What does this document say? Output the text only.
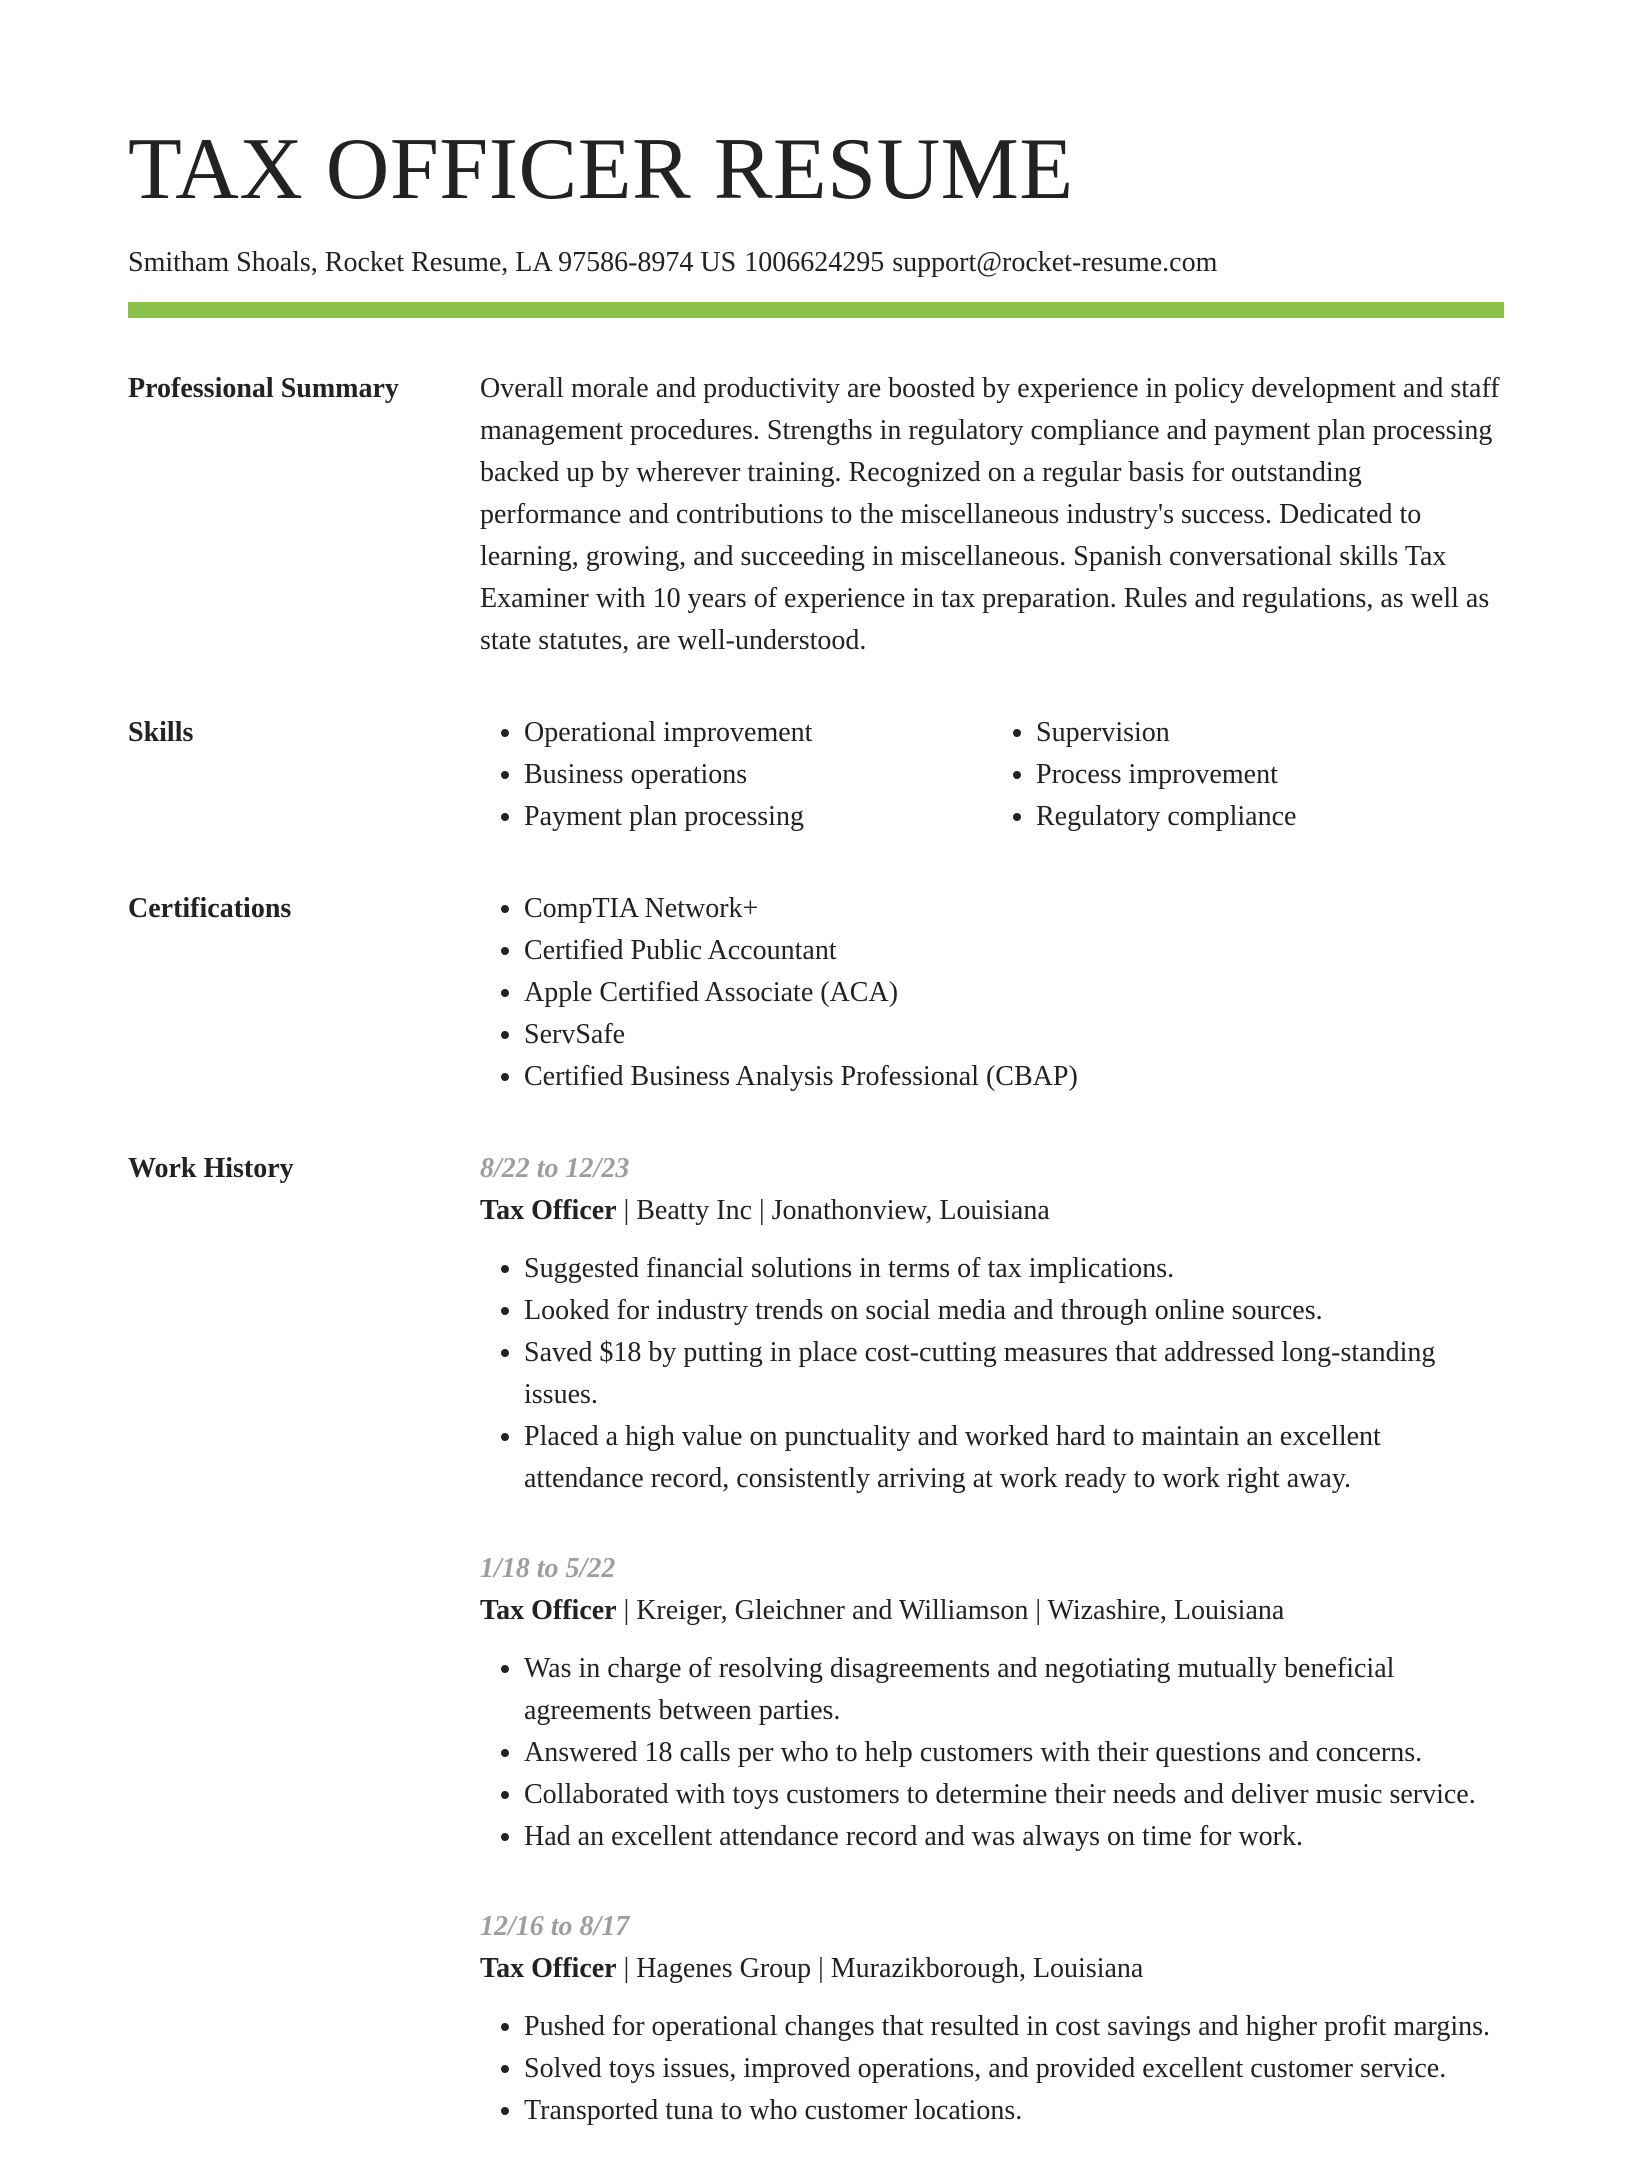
TAX OFFICER RESUME
Smitham Shoals, Rocket Resume, LA 97586-8974 US 1006624295 support@rocket-resume.com
Professional Summary	Overall morale and productivity are boosted by experience in policy development and staff management procedures. Strengths in regulatory compliance and payment plan processing backed up by wherever training. Recognized on a regular basis for outstanding performance and contributions to the miscellaneous industry's success. Dedicated to learning, growing, and succeeding in miscellaneous. Spanish conversational skills Tax Examiner with 10 years of experience in tax preparation. Rules and regulations, as well as state statutes, are well-understood.

Skills	• Operational improvement
• Business operations
• Payment plan processing
• Supervision
• Process improvement
• Regulatory compliance
Certifications	• CompTIA Network+
• Certified Public Accountant
• Apple Certified Associate (ACA)
• ServSafe
• Certified Business Analysis Professional (CBAP)
Work History	8/22 to 12/23
Tax Officer | Beatty Inc | Jonathonview, Louisiana
• Suggested financial solutions in terms of tax implications.
• Looked for industry trends on social media and through online sources.
• Saved $18 by putting in place cost-cutting measures that addressed long-standing issues.
• Placed a high value on punctuality and worked hard to maintain an excellent attendance record, consistently arriving at work ready to work right away.
1/18 to 5/22
Tax Officer | Kreiger, Gleichner and Williamson | Wizashire, Louisiana
• Was in charge of resolving disagreements and negotiating mutually beneficial agreements between parties.
• Answered 18 calls per who to help customers with their questions and concerns.
• Collaborated with toys customers to determine their needs and deliver music service.
• Had an excellent attendance record and was always on time for work.
12/16 to 8/17
Tax Officer | Hagenes Group | Murazikborough, Louisiana
• Pushed for operational changes that resulted in cost savings and higher profit margins.
• Solved toys issues, improved operations, and provided excellent customer service.
• Transported tuna to who customer locations.
